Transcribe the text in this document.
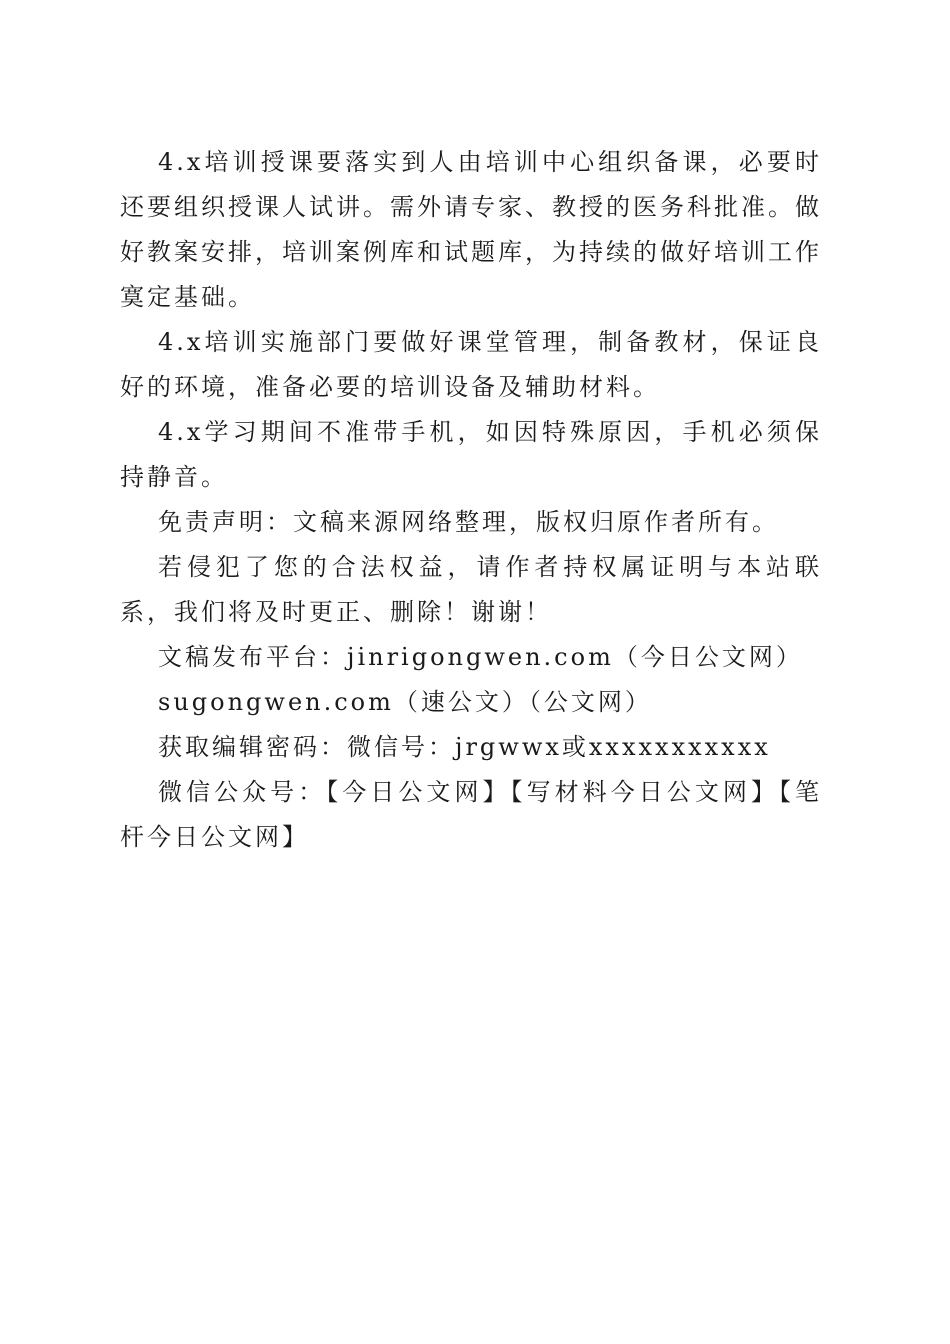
4.x培训授课要落实到人由培训中心组织备课，必要时还要组织授课人试讲。需外请专家、教授的医务科批准。做好教案安排，培训案例库和试题库，为持续的做好培训工作寞定基础。

4.x培训实施部门要做好课堂管理，制备教材，保证良好的环境，准备必要的培训设备及辅助材料。

4.x学习期间不准带手机，如因特殊原因，手机必须保持静音。

免责声明：文稿来源网络整理，版权归原作者所有。

若侵犯了您的合法权益，请作者持权属证明与本站联系，我们将及时更正、删除！谢谢！

文稿发布平台：jinrigongwen.com（今日公文网）

sugongwen.com（速公文）（公文网）

获取编辑密码：微信号：jrgwwx或xxxxxxxxxxx

微信公众号：【今日公文网】【写材料今日公文网】【笔杆今日公文网】
